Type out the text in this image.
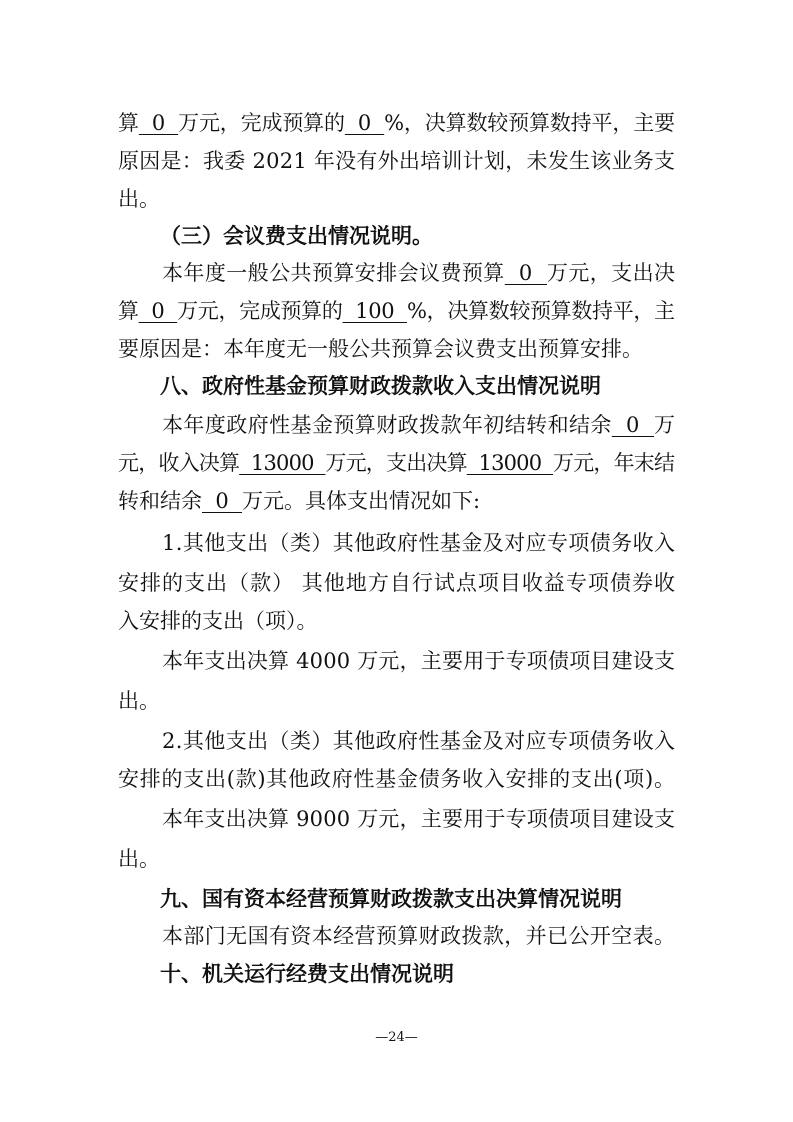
算  0  万元，完成预算的  0  %，决算数较预算数持平，主要
原因是：我委 2021 年没有外出培训计划，未发生该业务支
出。
（三）会议费支出情况说明。
本年度一般公共预算安排会议费预算  0  万元，支出决
算  0  万元，完成预算的  100  %，决算数较预算数持平，主
要原因是：本年度无一般公共预算会议费支出预算安排。
八、政府性基金预算财政拨款收入支出情况说明
本年度政府性基金预算财政拨款年初结转和结余  0  万
元，收入决算  13000  万元，支出决算  13000  万元，年末结
转和结余  0  万元。具体支出情况如下:
1.其他支出（类）其他政府性基金及对应专项债务收入
安排的支出（款） 其他地方自行试点项目收益专项债券收
入安排的支出（项）。
本年支出决算 4000 万元，主要用于专项债项目建设支
出。
2.其他支出（类）其他政府性基金及对应专项债务收入
安排的支出(款)其他政府性基金债务收入安排的支出(项)。
本年支出决算 9000 万元，主要用于专项债项目建设支
出。
九、国有资本经营预算财政拨款支出决算情况说明
本部门无国有资本经营预算财政拨款，并已公开空表。
十、机关运行经费支出情况说明
—24—
